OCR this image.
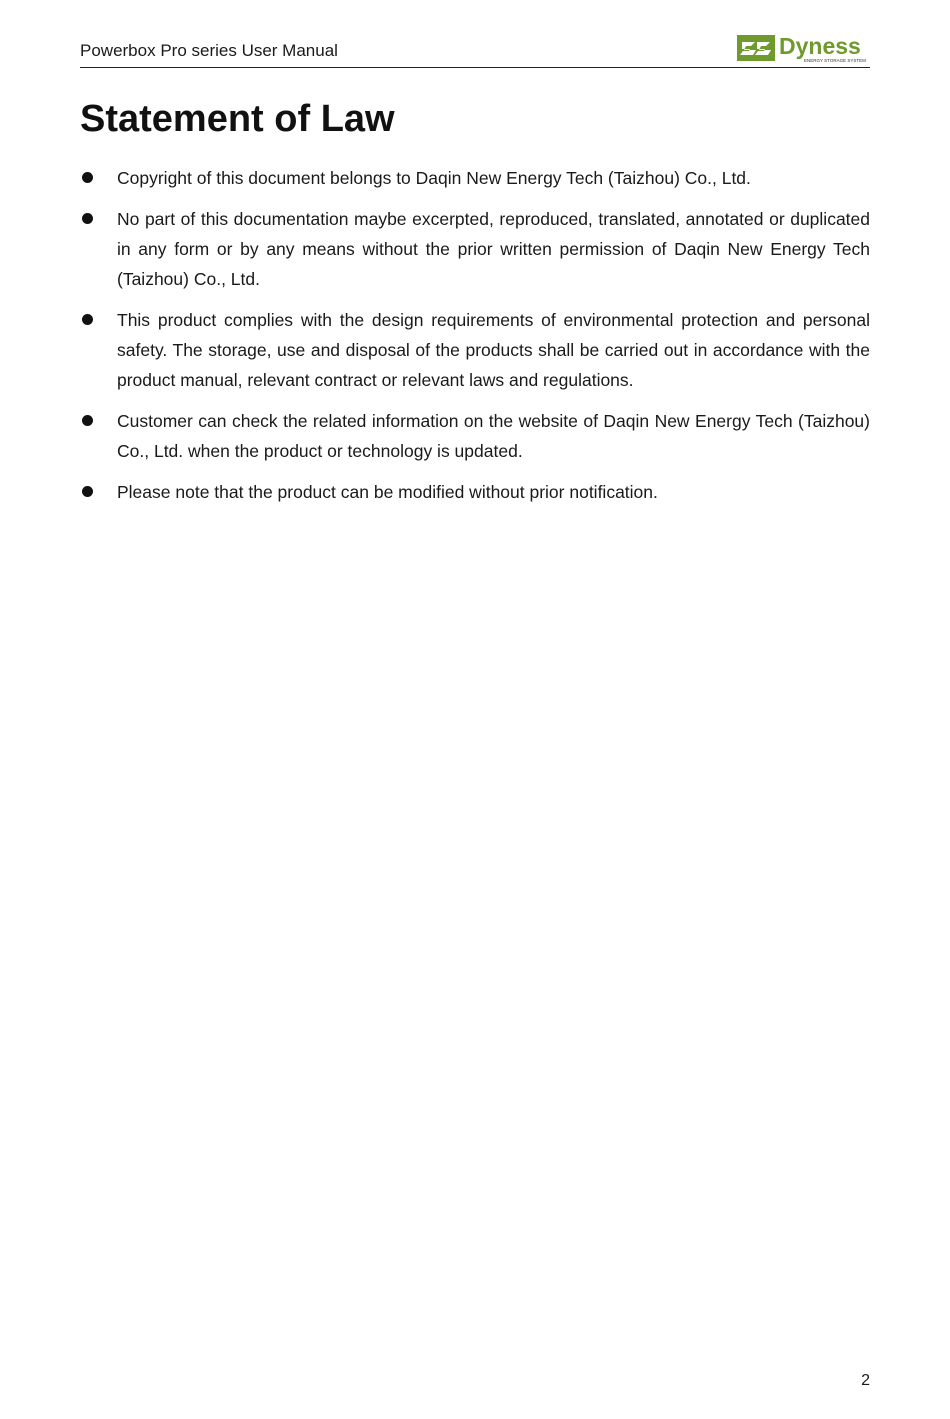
Powerbox Pro series User Manual	Dyness
ENERGY STORAGE SYSTEM
Statement of Law
Copyright of this document belongs to Daqin New Energy Tech (Taizhou) Co., Ltd.
No part of this documentation maybe excerpted, reproduced, translated, annotated or duplicated in any form or by any means without the prior written permission of Daqin New Energy Tech (Taizhou) Co., Ltd.
This product complies with the design requirements of environmental protection and personal safety. The storage, use and disposal of the products shall be carried out in accordance with the product manual, relevant contract or relevant laws and regulations.
Customer can check the related information on the website of Daqin New Energy Tech (Taizhou) Co., Ltd. when the product or technology is updated.
Please note that the product can be modified without prior notification.
2
